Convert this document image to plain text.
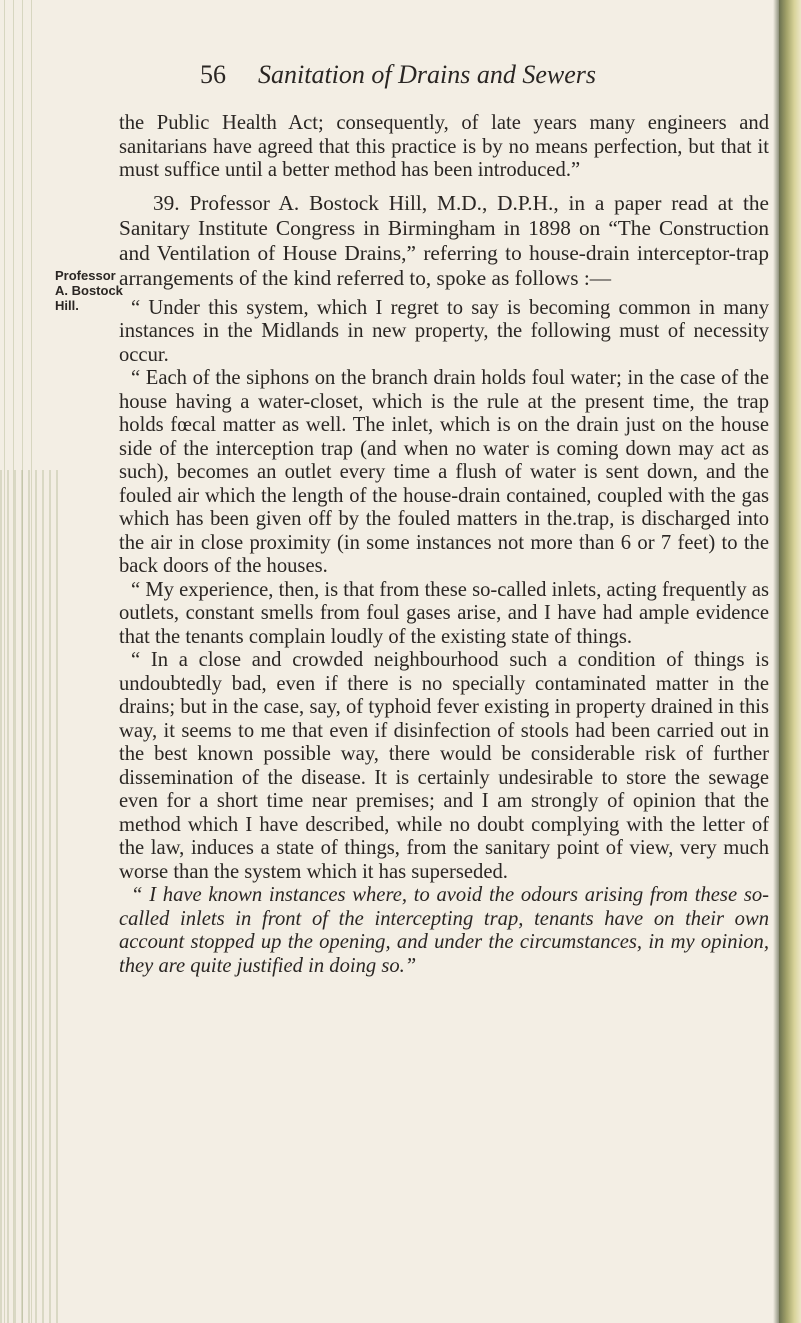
56 Sanitation of Drains and Sewers
Professor
A. Bostock
Hill.

the Public Health Act; consequently, of late years many engineers and sanitarians have agreed that this practice is by no means perfection, but that it must suffice until a better method has been introduced.”

39. Professor A. Bostock Hill, M.D., D.P.H., in a paper read at the Sanitary Institute Congress in Birmingham in 1898 on “The Construction and Ventilation of House Drains,” referring to house-drain interceptor-trap arrangements of the kind referred to, spoke as follows :—

“ Under this system, which I regret to say is becoming common in many instances in the Midlands in new property, the following must of necessity occur.

“ Each of the siphons on the branch drain holds foul water; in the case of the house having a water-closet, which is the rule at the present time, the trap holds fœcal matter as well. The inlet, which is on the drain just on the house side of the interception trap (and when no water is coming down may act as such), becomes an outlet every time a flush of water is sent down, and the fouled air which the length of the house-drain contained, coupled with the gas which has been given off by the fouled matters in the.trap, is discharged into the air in close proximity (in some instances not more than 6 or 7 feet) to the back doors of the houses.

“ My experience, then, is that from these so-called inlets, acting frequently as outlets, constant smells from foul gases arise, and I have had ample evidence that the tenants complain loudly of the existing state of things.

“ In a close and crowded neighbourhood such a condition of things is undoubtedly bad, even if there is no specially contaminated matter in the drains; but in the case, say, of typhoid fever existing in property drained in this way, it seems to me that even if disinfection of stools had been carried out in the best known possible way, there would be considerable risk of further dissemination of the disease. It is certainly undesirable to store the sewage even for a short time near premises; and I am strongly of opinion that the method which I have described, while no doubt complying with the letter of the law, induces a state of things, from the sanitary point of view, very much worse than the system which it has superseded.

“ I have known instances where, to avoid the odours arising from these so-called inlets in front of the intercepting trap, tenants have on their own account stopped up the opening, and under the circumstances, in my opinion, they are quite justified in doing so.”
